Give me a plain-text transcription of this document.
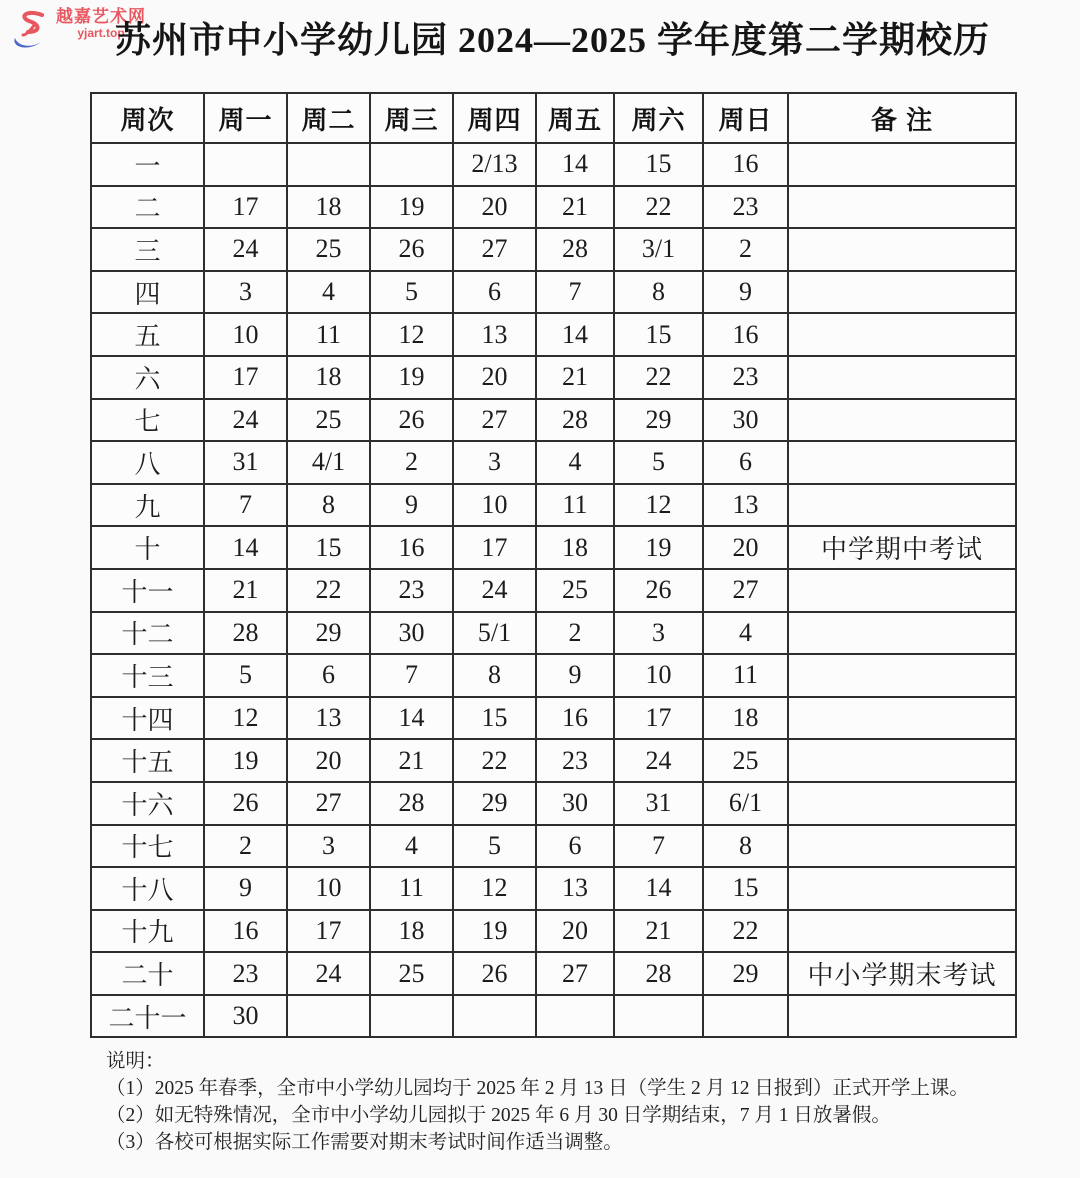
越嘉艺术网
yjart.top
苏州市中小学幼儿园 2024—2025 学年度第二学期校历
周次	周一	周二	周三	周四	周五	周六	周日	备 注
一				2/13	14	15	16	
二	17	18	19	20	21	22	23	
三	24	25	26	27	28	3/1	2	
四	3	4	5	6	7	8	9	
五	10	11	12	13	14	15	16	
六	17	18	19	20	21	22	23	
七	24	25	26	27	28	29	30	
八	31	4/1	2	3	4	5	6	
九	7	8	9	10	11	12	13	
十	14	15	16	17	18	19	20	中学期中考试
十一	21	22	23	24	25	26	27	
十二	28	29	30	5/1	2	3	4	
十三	5	6	7	8	9	10	11	
十四	12	13	14	15	16	17	18	
十五	19	20	21	22	23	24	25	
十六	26	27	28	29	30	31	6/1	
十七	2	3	4	5	6	7	8	
十八	9	10	11	12	13	14	15	
十九	16	17	18	19	20	21	22	
二十	23	24	25	26	27	28	29	中小学期末考试
二十一	30							

说明：

（1）2025 年春季，全市中小学幼儿园均于 2025 年 2 月 13 日（学生 2 月 12 日报到）正式开学上课。

（2）如无特殊情况，全市中小学幼儿园拟于 2025 年 6 月 30 日学期结束，7 月 1 日放暑假。

（3）各校可根据实际工作需要对期末考试时间作适当调整。
